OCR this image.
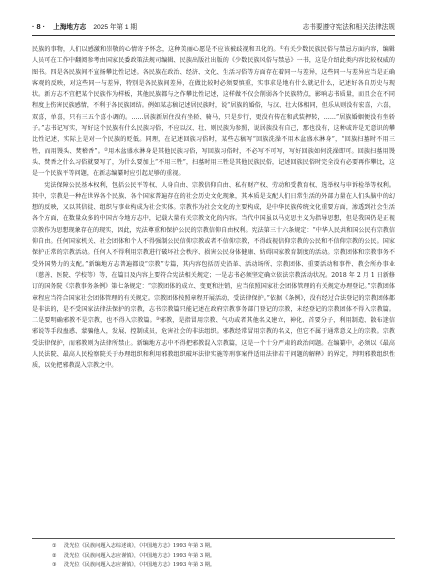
· 8 · 上海地方志 2025 年第 1 期	志书要遵守宪法和相关法律法规

民族的事物，人们以感激和崇敬的心情寄予怀念，这种美丽心愿是不应该被歧视和丑化的。①有关少数民族民俗与禁忌方面内容，编辑人员可在工作中翻阅参考由国家民委政策法规司编辑、民族出版社出版的《少数民族风俗与禁忌》一书，这是介绍此类内容比较权威的图书。四是各民族间不宣扬攀比性记述。各民族在政治、经济、文化、生活习俗等方面存在着同一与差异，这些同一与差异应当是正确客观的反映，对这些同一与差异，特别是各民族间差异，在做比较时必须要慎重，实事求是地有什么就记什么，记述好各自历史与现状。新方志不宜把某个民族作为样板，其他民族都与之作攀比性记述，这样做不仅会削弱各个民族特点，影响志书质量，而且会在不同程度上伤害民族感情，不利于各民族团结。例如某志稿记述居民族时，说“居族的婚俗，与汉、壮大体相同，但乐从则没有宏喜，六喜，双喜，单喜，只有三五个喜小调的。……居族新居住没有坐轿、骑马，只是步行，更没有传在和武装押转，……”居族婚姻便没有坐轿子。”志书记写实，写好这个民族有什么民族习俗，不应以汉、壮、则民族为参照，说居族没有自己，那也没有，这种或许是无意识的攀比性记述，实际上是对一个民族的贬低。同理，在记述回族习俗时，某些志稿写“回族洗澡不用木盆盛水淋身”，“回族扫墓时不用三牲，而用馒头、焚稽香”。②用木盆盛水淋身是其他民族习俗，写回族习俗时，不必写不可写，写好回族如何洗澡即可。回族扫墓用馒头、焚香之什么习俗就要写了，为什么要加上“不用三牲”，扫墓时用三牲是其他民族民俗，记述回族民俗时完全没有必要再作攀比，这是一个民族平等问题，在新志编纂时应引起足够的重视。

宪法保障公民基本权利，包括公民平等权、人身自由、宗教信仰自由、私有财产权、劳动和受教育权、选举权与申诉检举等权利。其中，宗教是一种在世界各个民族、各个国家普遍存在的社会历史文化现象，其本质是支配人们日常生活的外部力量在人们头脑中的幻想的反映，又以其信徒、组织与事业构成为社会实体。宗教作为社会文化的主要构成，是中华民族传统文化重要方面，渗透到社会生活各个方面，在数量众多的中国古今地方志中，记载大量有关宗教文化的内容。当代中国虽以马克思主义为指导思想，但是我国仍是正视宗教作为思想现象存在的现实，因此，宪法尊重和保护公民的宗教信仰自由权利。宪法第三十六条规定：“中华人民共和国公民有宗教信仰自由。任何国家机关、社会团体和个人不得强制公民信仰宗教或者不信仰宗教，不得歧视信仰宗教的公民和不信仰宗教的公民。国家保护正常的宗教活动。任何人不得利用宗教进行破坏社会秩序、损害公民身体健康、妨碍国家教育制度的活动。宗教团体和宗教事务不受外国势力的支配。”新编地方志普遍都设“宗教”专篇，其内容包括历史沿革、活动场所、宗教团体、重要活动和事件、教会所办事业（慈善、医院、学校等）等，在篇目及内容上要符合宪法相关规定；一是志书必须坚定确立依法宗教活动状况。2018 年 2 月 1 日新修订的国务院《宗教事务条例》第七条规定：“宗教团体的成立、变更和注销，应当依照国家社会团体管理的有关规定办理登记。”宗教团体章程应当符合国家社会团体管理的有关规定。宗教团体按照章程开展活动，受法律保护。”依据《条例》，没有经过合法登记的宗教团体都是非法的，是不受国家法律法保护的宗教，志书宗教篇只能记述在政府宗教事务部门登记的宗教，未经登记的宗教团体不得入宗教篇。二是要明确邪教不是宗教，也不得入宗教篇。③邪教，是指冒用宗教、气功或者其他名义建立，神化、首要分子，利用制造、散布迷信邪说等手段蛊惑、蒙骗他人，发展、控制成员，危害社会的非法组织。邪教经常冒用宗教的名义，但它不属于通常意义上的宗教。宗教受法律保护，而邪教则为法律所禁止。新编地方志中不得把邪教混入宗教篇，这是一个十分严肃的政治问题。在编纂中，必须以《最高人民法院、最高人民检察院关于办理组织和利用邪教组织破坏法律实施等刑事案件适用法律若干问题的解释》的界定，判明邪教组织性质，以免把邪教混入宗教之中。

① 洗光位《民族问题入志综述谈》，《中国地方志》1993 年第 3 期。
② 洗光位《民族问题入志应谨慎》，《中国地方志》1993 年第 3 期。
③ 洗光位《民族问题入志应谨慎》，《中国地方志》1993 年第 3 期。
